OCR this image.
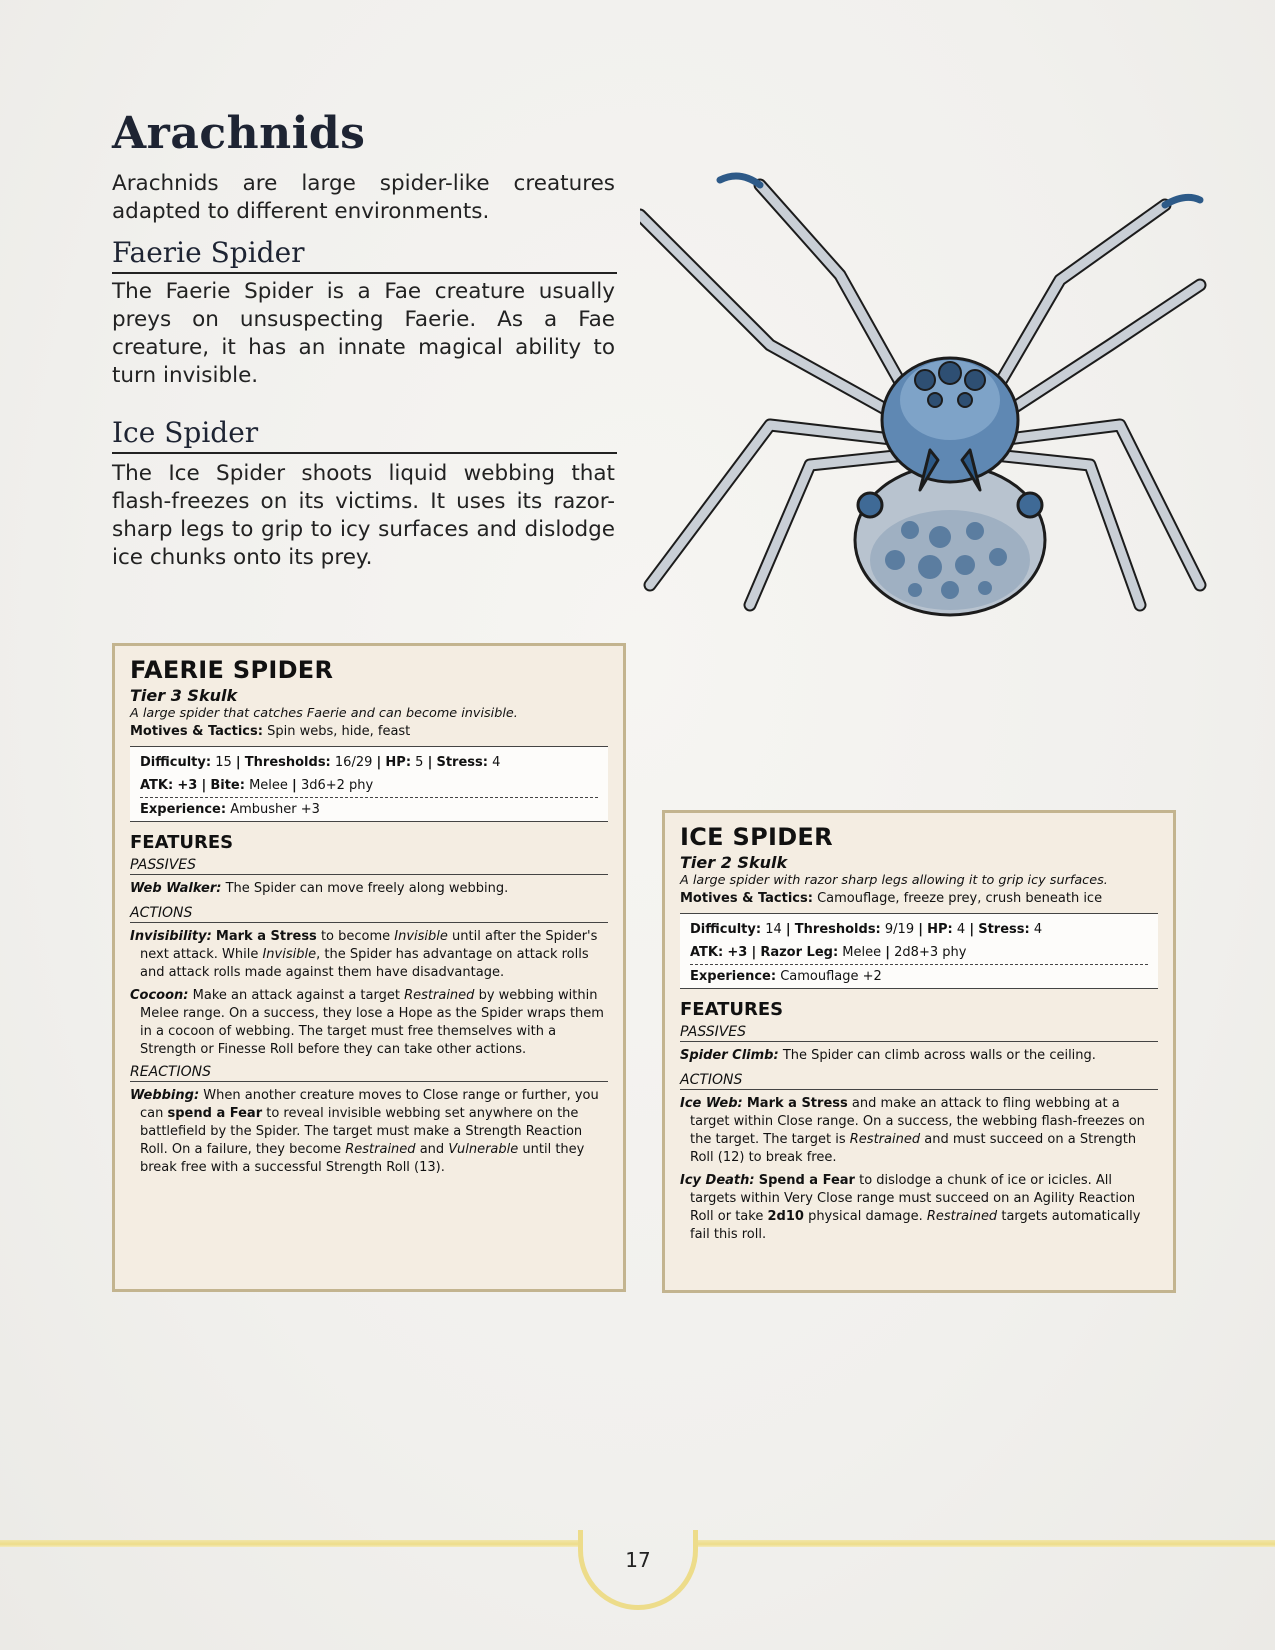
Arachnids

Arachnids are large spider-like creatures adapted to different environments.

Faerie Spider

The Faerie Spider is a Fae creature usually preys on unsuspecting Faerie. As a Fae creature, it has an innate magical ability to turn invisible.

Ice Spider

The Ice Spider shoots liquid webbing that flash-freezes on its victims. It uses its razor-sharp legs to grip to icy surfaces and dislodge ice chunks onto its prey.

FAERIE SPIDER
Tier 3 Skulk
A large spider that catches Faerie and can become invisible.
Motives & Tactics: Spin webs, hide, feast
Difficulty: 15 | Thresholds: 16/29 | HP: 5 | Stress: 4
ATK: +3 | Bite: Melee | 3d6+2 phy
Experience: Ambusher +3
FEATURES
PASSIVES
Web Walker: The Spider can move freely along webbing.
ACTIONS
Invisibility: Mark a Stress to become Invisible until after the Spider's next attack. While Invisible, the Spider has advantage on attack rolls and attack rolls made against them have disadvantage.
Cocoon: Make an attack against a target Restrained by webbing within Melee range. On a success, they lose a Hope as the Spider wraps them in a cocoon of webbing. The target must free themselves with a Strength or Finesse Roll before they can take other actions.
REACTIONS
Webbing: When another creature moves to Close range or further, you can spend a Fear to reveal invisible webbing set anywhere on the battlefield by the Spider. The target must make a Strength Reaction Roll. On a failure, they become Restrained and Vulnerable until they break free with a successful Strength Roll (13).
ICE SPIDER
Tier 2 Skulk
A large spider with razor sharp legs allowing it to grip icy surfaces.
Motives & Tactics: Camouflage, freeze prey, crush beneath ice
Difficulty: 14 | Thresholds: 9/19 | HP: 4 | Stress: 4
ATK: +3 | Razor Leg: Melee | 2d8+3 phy
Experience: Camouflage +2
FEATURES
PASSIVES
Spider Climb: The Spider can climb across walls or the ceiling.
ACTIONS
Ice Web: Mark a Stress and make an attack to fling webbing at a target within Close range. On a success, the webbing flash-freezes on the target. The target is Restrained and must succeed on a Strength Roll (12) to break free.
Icy Death: Spend a Fear to dislodge a chunk of ice or icicles. All targets within Very Close range must succeed on an Agility Reaction Roll or take 2d10 physical damage. Restrained targets automatically fail this roll.
17
